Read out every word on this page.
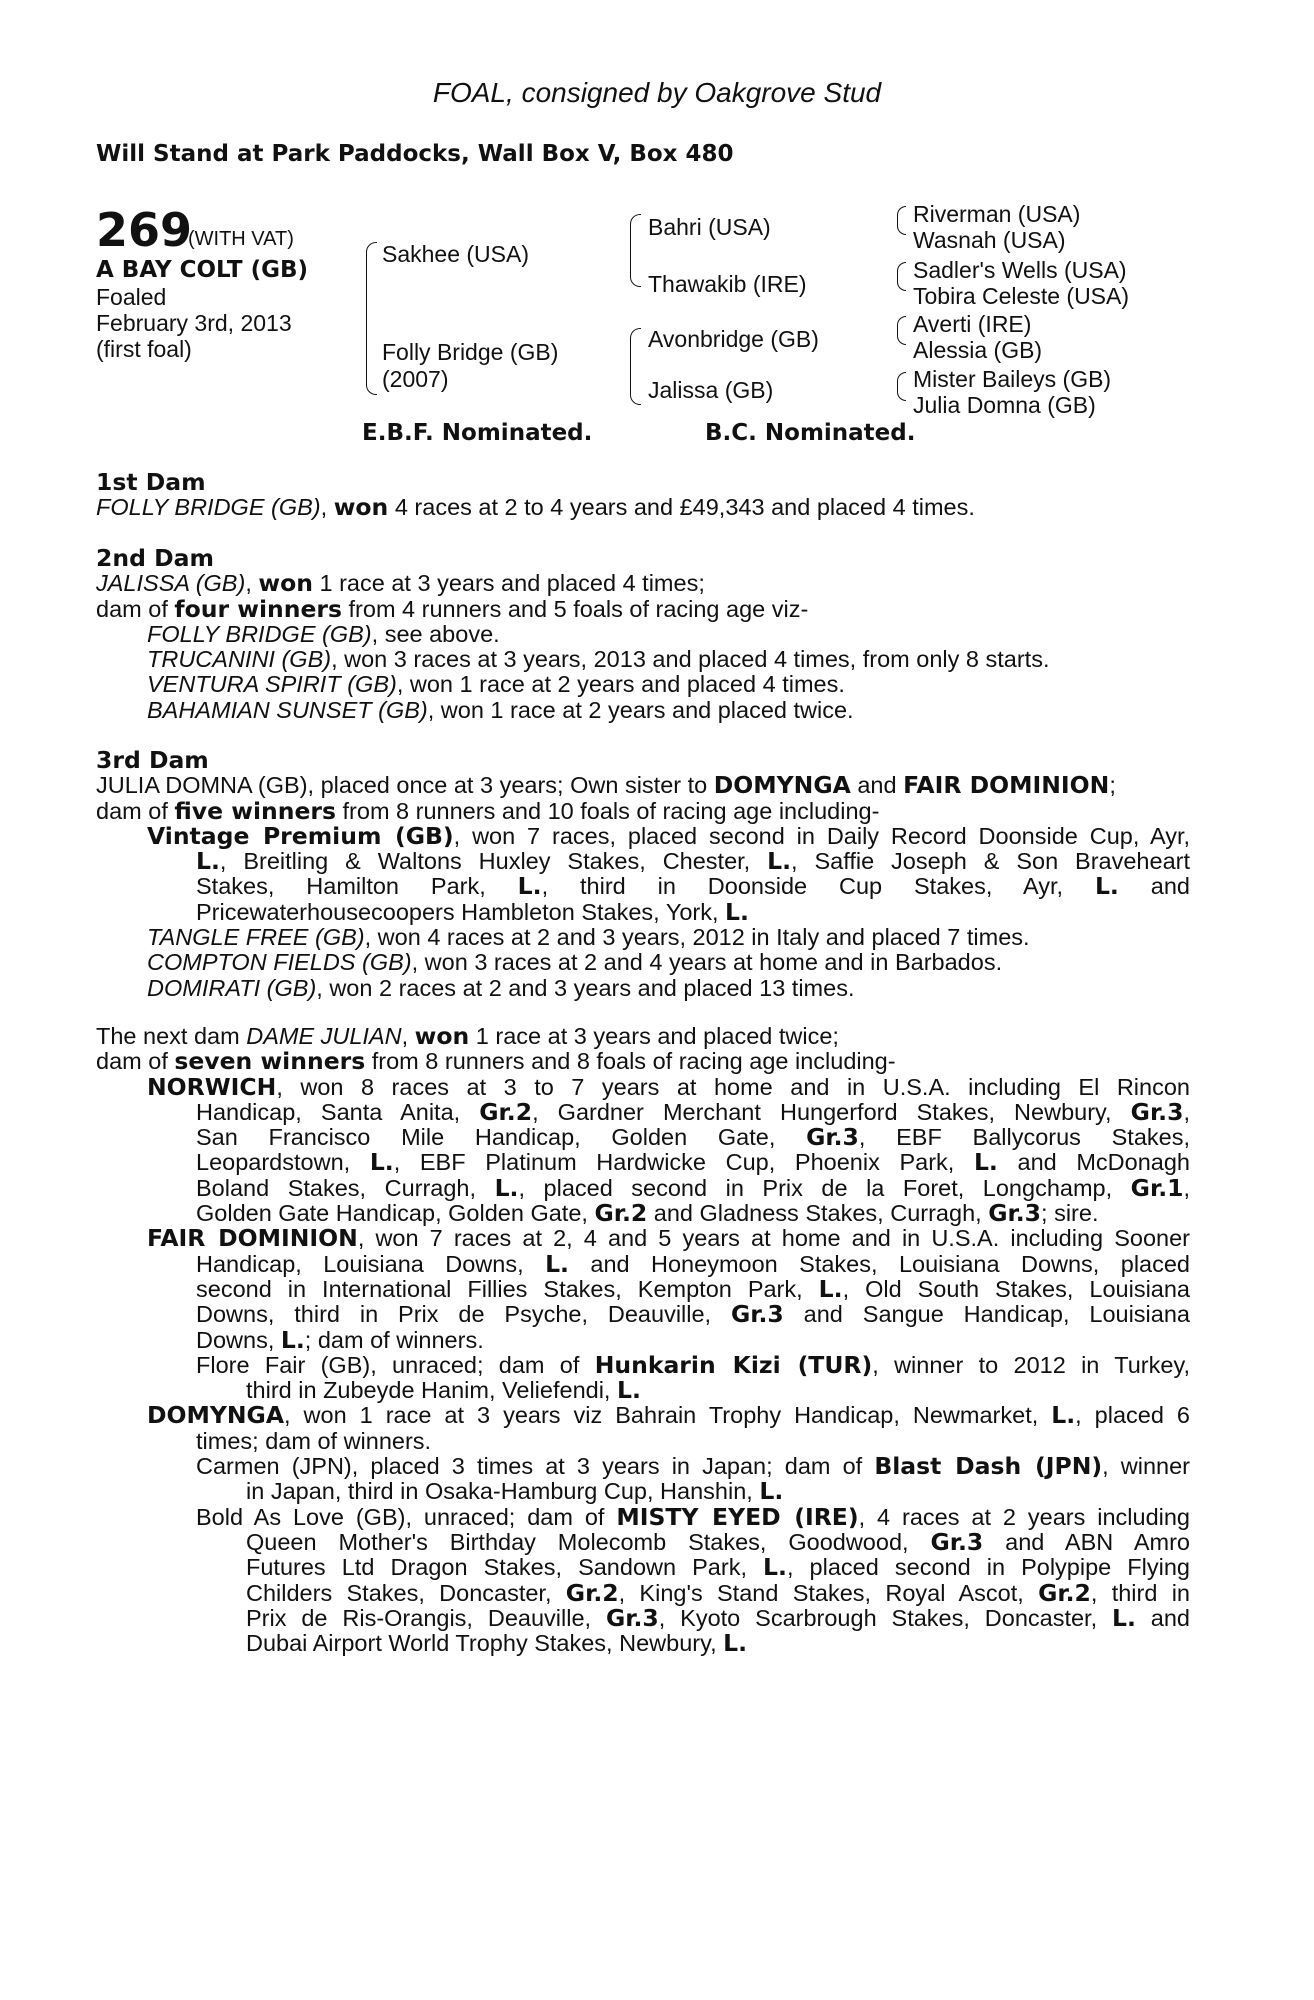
FOAL, consigned by Oakgrove Stud
Will Stand at Park Paddocks, Wall Box V, Box 480
269
(WITH VAT)
A BAY COLT (GB)
Foaled
February 3rd, 2013
(first foal)
Sakhee (USA)
Folly Bridge (GB)
(2007)
Bahri (USA)
Thawakib (IRE)
Avonbridge (GB)
Jalissa (GB)
Riverman (USA)
Wasnah (USA)
Sadler's Wells (USA)
Tobira Celeste (USA)
Averti (IRE)
Alessia (GB)
Mister Baileys (GB)
Julia Domna (GB)
E.B.F. Nominated.	B.C. Nominated.
1st Dam
FOLLY BRIDGE (GB), won 4 races at 2 to 4 years and £49,343 and placed 4 times.
2nd Dam
JALISSA (GB), won 1 race at 3 years and placed 4 times;
dam of four winners from 4 runners and 5 foals of racing age viz-
FOLLY BRIDGE (GB), see above.
TRUCANINI (GB), won 3 races at 3 years, 2013 and placed 4 times, from only 8 starts.
VENTURA SPIRIT (GB), won 1 race at 2 years and placed 4 times.
BAHAMIAN SUNSET (GB), won 1 race at 2 years and placed twice.
3rd Dam
JULIA DOMNA (GB), placed once at 3 years; Own sister to DOMYNGA and FAIR DOMINION;
dam of five winners from 8 runners and 10 foals of racing age including-
Vintage Premium (GB), won 7 races, placed second in Daily Record Doonside Cup, Ayr,
L., Breitling & Waltons Huxley Stakes, Chester, L., Saffie Joseph & Son Braveheart
Stakes, Hamilton Park, L., third in Doonside Cup Stakes, Ayr, L. and
Pricewaterhousecoopers Hambleton Stakes, York, L.
TANGLE FREE (GB), won 4 races at 2 and 3 years, 2012 in Italy and placed 7 times.
COMPTON FIELDS (GB), won 3 races at 2 and 4 years at home and in Barbados.
DOMIRATI (GB), won 2 races at 2 and 3 years and placed 13 times.
The next dam DAME JULIAN, won 1 race at 3 years and placed twice;
dam of seven winners from 8 runners and 8 foals of racing age including-
NORWICH, won 8 races at 3 to 7 years at home and in U.S.A. including El Rincon
Handicap, Santa Anita, Gr.2, Gardner Merchant Hungerford Stakes, Newbury, Gr.3,
San Francisco Mile Handicap, Golden Gate, Gr.3, EBF Ballycorus Stakes,
Leopardstown, L., EBF Platinum Hardwicke Cup, Phoenix Park, L. and McDonagh
Boland Stakes, Curragh, L., placed second in Prix de la Foret, Longchamp, Gr.1,
Golden Gate Handicap, Golden Gate, Gr.2 and Gladness Stakes, Curragh, Gr.3; sire.
FAIR DOMINION, won 7 races at 2, 4 and 5 years at home and in U.S.A. including Sooner
Handicap, Louisiana Downs, L. and Honeymoon Stakes, Louisiana Downs, placed
second in International Fillies Stakes, Kempton Park, L., Old South Stakes, Louisiana
Downs, third in Prix de Psyche, Deauville, Gr.3 and Sangue Handicap, Louisiana
Downs, L.; dam of winners.
Flore Fair (GB), unraced; dam of Hunkarin Kizi (TUR), winner to 2012 in Turkey,
third in Zubeyde Hanim, Veliefendi, L.
DOMYNGA, won 1 race at 3 years viz Bahrain Trophy Handicap, Newmarket, L., placed 6
times; dam of winners.
Carmen (JPN), placed 3 times at 3 years in Japan; dam of Blast Dash (JPN), winner
in Japan, third in Osaka-Hamburg Cup, Hanshin, L.
Bold As Love (GB), unraced; dam of MISTY EYED (IRE), 4 races at 2 years including
Queen Mother's Birthday Molecomb Stakes, Goodwood, Gr.3 and ABN Amro
Futures Ltd Dragon Stakes, Sandown Park, L., placed second in Polypipe Flying
Childers Stakes, Doncaster, Gr.2, King's Stand Stakes, Royal Ascot, Gr.2, third in
Prix de Ris-Orangis, Deauville, Gr.3, Kyoto Scarbrough Stakes, Doncaster, L. and
Dubai Airport World Trophy Stakes, Newbury, L.
